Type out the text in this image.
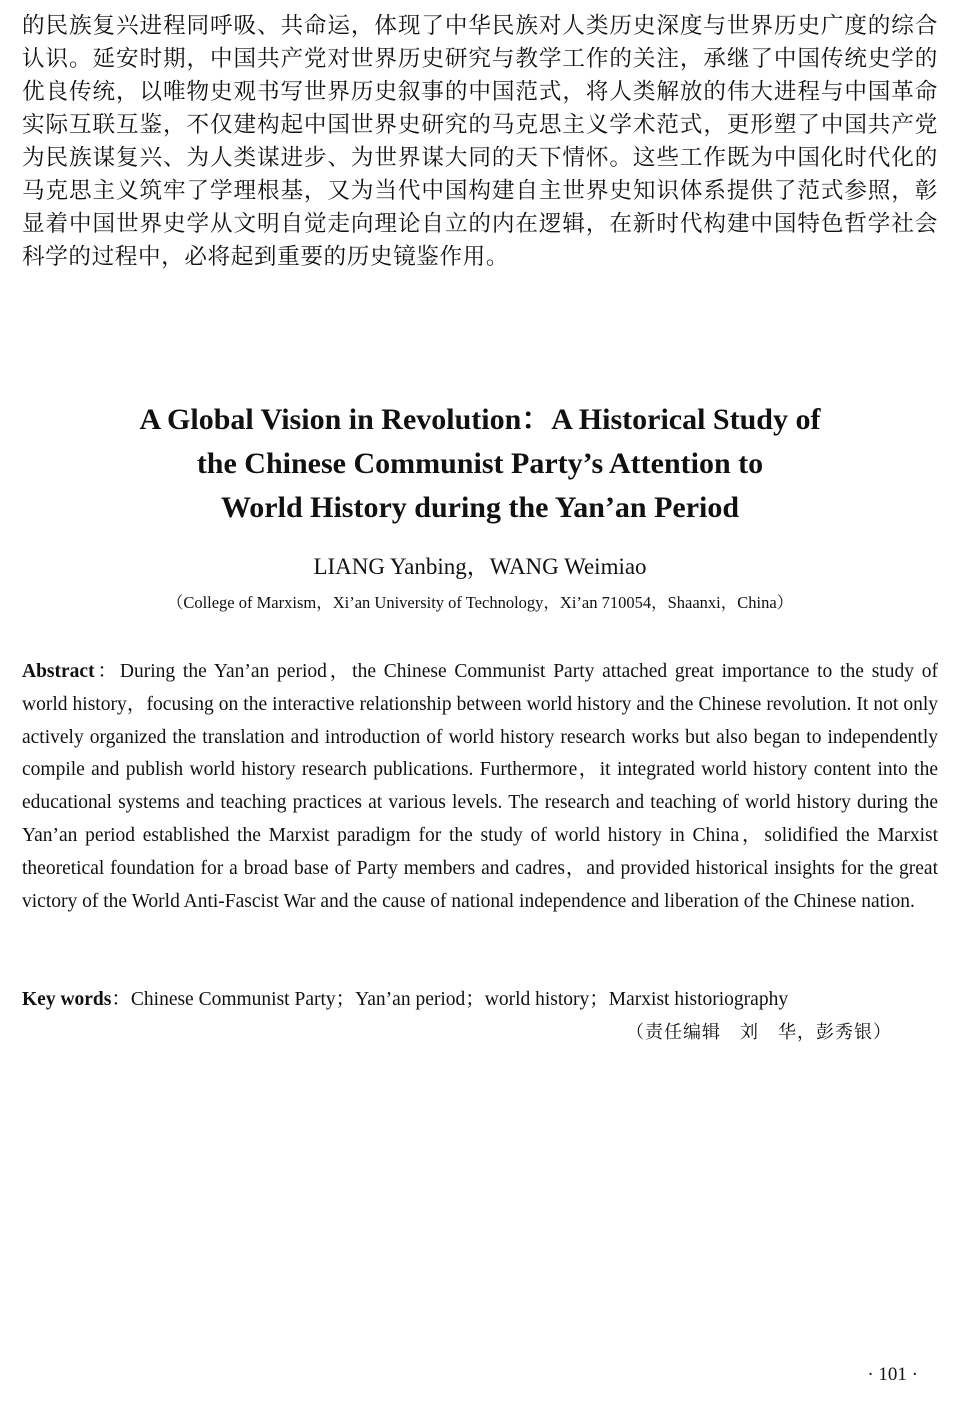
的民族复兴进程同呼吸、共命运，体现了中华民族对人类历史深度与世界历史广度的综合认识。延安时期，中国共产党对世界历史研究与教学工作的关注，承继了中国传统史学的优良传统，以唯物史观书写世界历史叙事的中国范式，将人类解放的伟大进程与中国革命实际互联互鉴，不仅建构起中国世界史研究的马克思主义学术范式，更形塑了中国共产党为民族谋复兴、为人类谋进步、为世界谋大同的天下情怀。这些工作既为中国化时代化的马克思主义筑牢了学理根基，又为当代中国构建自主世界史知识体系提供了范式参照，彰显着中国世界史学从文明自觉走向理论自立的内在逻辑，在新时代构建中国特色哲学社会科学的过程中，必将起到重要的历史镜鉴作用。

A Global Vision in Revolution：A Historical Study of
the Chinese Communist Party’s Attention to
World History during the Yan’an Period

LIANG Yanbing，WANG Weimiao

（College of Marxism，Xi’an University of Technology，Xi’an 710054，Shaanxi，China）

Abstract：During the Yan’an period，the Chinese Communist Party attached great importance to the study of world history，focusing on the interactive relationship between world history and the Chinese revolution. It not only actively organized the translation and introduction of world history research works but also began to independently compile and publish world history research publications. Furthermore，it integrated world history content into the educational systems and teaching practices at various levels. The research and teaching of world history during the Yan’an period established the Marxist paradigm for the study of world history in China，solidified the Marxist theoretical foundation for a broad base of Party members and cadres，and provided historical insights for the great victory of the World Anti-Fascist War and the cause of national independence and liberation of the Chinese nation.

Key words：Chinese Communist Party；Yan’an period；world history；Marxist historiography

（责任编辑　刘　华，彭秀银）

· 101 ·
